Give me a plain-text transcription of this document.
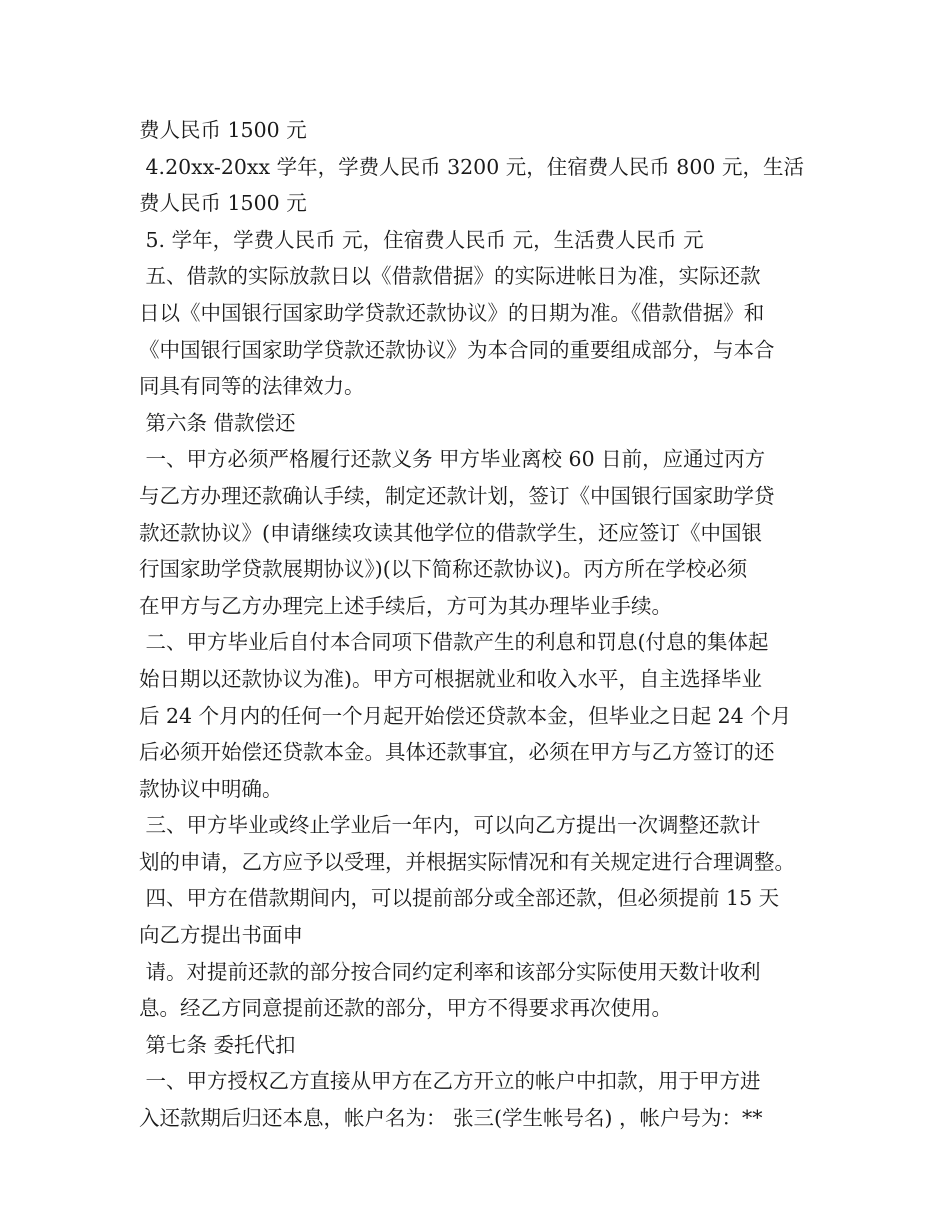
费人民币 1500 元
4.20xx-20xx 学年，学费人民币 3200 元，住宿费人民币 800 元，生活
费人民币 1500 元
5. 学年，学费人民币 元，住宿费人民币 元，生活费人民币 元
五、借款的实际放款日以《借款借据》的实际进帐日为准，实际还款
日以《中国银行国家助学贷款还款协议》的日期为准。《借款借据》和
《中国银行国家助学贷款还款协议》为本合同的重要组成部分，与本合
同具有同等的法律效力。
第六条 借款偿还
一、甲方必须严格履行还款义务 甲方毕业离校 60 日前，应通过丙方
与乙方办理还款确认手续，制定还款计划，签订《中国银行国家助学贷
款还款协议》(申请继续攻读其他学位的借款学生，还应签订《中国银
行国家助学贷款展期协议》)(以下简称还款协议)。丙方所在学校必须
在甲方与乙方办理完上述手续后，方可为其办理毕业手续。
二、甲方毕业后自付本合同项下借款产生的利息和罚息(付息的集体起
始日期以还款协议为准)。甲方可根据就业和收入水平，自主选择毕业
后 24 个月内的任何一个月起开始偿还贷款本金，但毕业之日起 24 个月
后必须开始偿还贷款本金。具体还款事宜，必须在甲方与乙方签订的还
款协议中明确。
三、甲方毕业或终止学业后一年内，可以向乙方提出一次调整还款计
划的申请，乙方应予以受理，并根据实际情况和有关规定进行合理调整。
四、甲方在借款期间内，可以提前部分或全部还款，但必须提前 15 天
向乙方提出书面申
请。对提前还款的部分按合同约定利率和该部分实际使用天数计收利
息。经乙方同意提前还款的部分，甲方不得要求再次使用。
第七条 委托代扣
一、甲方授权乙方直接从甲方在乙方开立的帐户中扣款，用于甲方进
入还款期后归还本息，帐户名为： 张三(学生帐号名) ，帐户号为：**
